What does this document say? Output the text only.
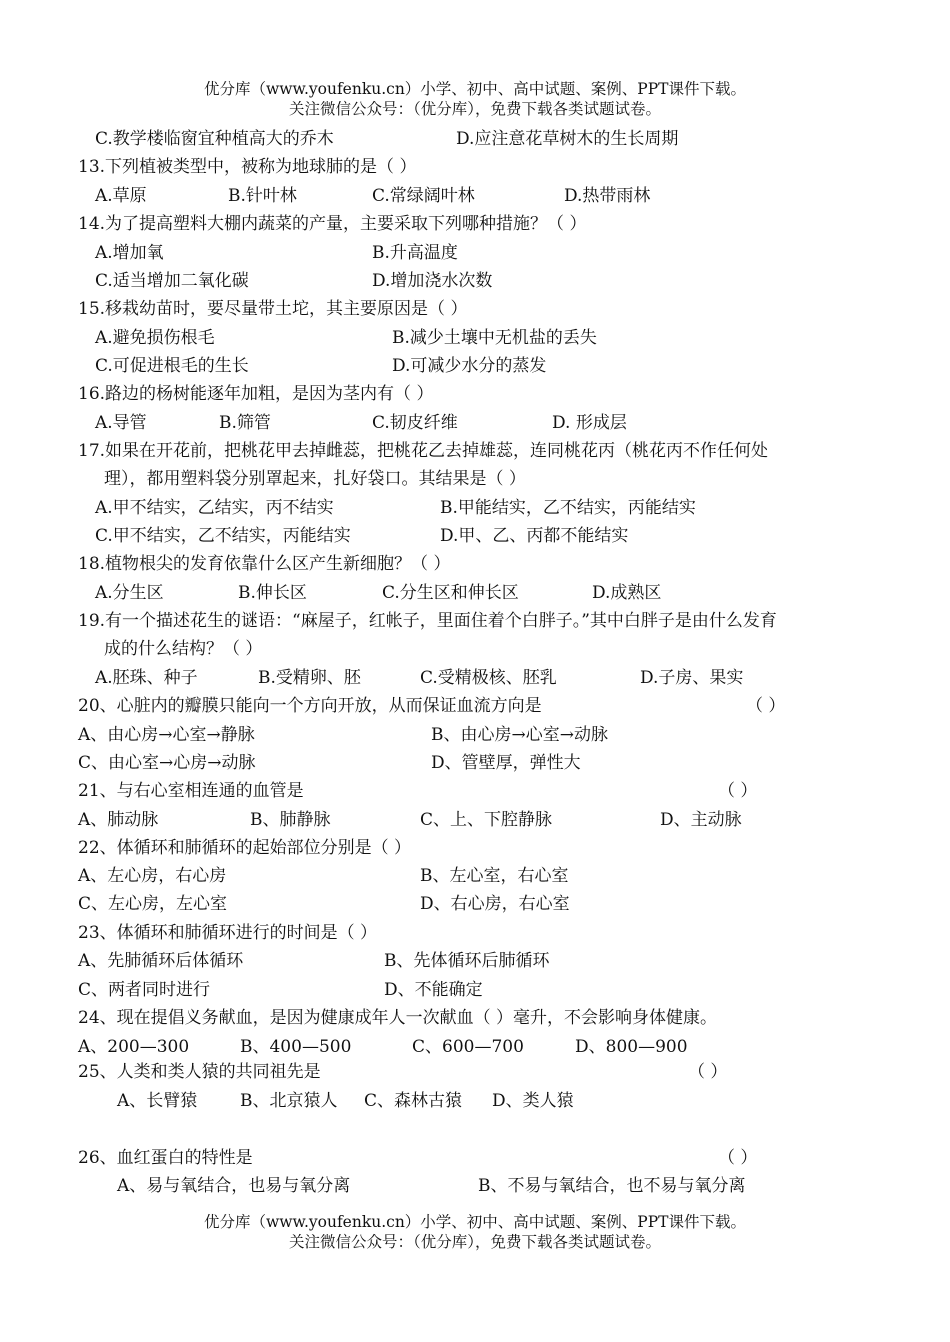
优分库（www.youfenku.cn）小学、初中、高中试题、案例、PPT课件下载。
关注微信公众号：（优分库），免费下载各类试题试卷。
C.教学楼临窗宜种植高大的乔木	D.应注意花草树木的生长周期
13.下列植被类型中，被称为地球肺的是（ ）
A.草原	B.针叶林	C.常绿阔叶林	D.热带雨林
14.为了提高塑料大棚内蔬菜的产量，主要采取下列哪种措施？（ ）
A.增加氧	B.升高温度
C.适当增加二氧化碳	D.增加浇水次数
15.移栽幼苗时，要尽量带土坨，其主要原因是（ ）
A.避免损伤根毛	B.减少土壤中无机盐的丢失
C.可促进根毛的生长	D.可减少水分的蒸发
16.路边的杨树能逐年加粗，是因为茎内有（ ）
A.导管	B.筛管	C.韧皮纤维	D. 形成层
17.如果在开花前，把桃花甲去掉雌蕊，把桃花乙去掉雄蕊，连同桃花丙（桃花丙不作任何处
理），都用塑料袋分别罩起来，扎好袋口。其结果是（ ）
A.甲不结实，乙结实，丙不结实	B.甲能结实，乙不结实，丙能结实
C.甲不结实，乙不结实，丙能结实	D.甲、乙、丙都不能结实
18.植物根尖的发育依靠什么区产生新细胞？（ ）
A.分生区	B.伸长区	C.分生区和伸长区	D.成熟区
19.有一个描述花生的谜语：“麻屋子，红帐子，里面住着个白胖子。”其中白胖子是由什么发育
成的什么结构？（ ）
A.胚珠、种子	B.受精卵、胚	C.受精极核、胚乳	D.子房、果实
20、心脏内的瓣膜只能向一个方向开放，从而保证血流方向是	（ ）
A、由心房→心室→静脉	B、由心房→心室→动脉
C、由心室→心房→动脉	D、管壁厚，弹性大
21、与右心室相连通的血管是	（ ）
A、肺动脉	B、肺静脉	C、上、下腔静脉	D、主动脉
22、体循环和肺循环的起始部位分别是（ ）
A、左心房，右心房	B、左心室，右心室
C、左心房，左心室	D、右心房，右心室
23、体循环和肺循环进行的时间是（ ）
A、先肺循环后体循环	B、先体循环后肺循环
C、两者同时进行	D、不能确定
24、现在提倡义务献血，是因为健康成年人一次献血（ ）毫升，不会影响身体健康。
A、200—300	B、400—500	C、600—700	D、800—900
25、人类和类人猿的共同祖先是	（ ）
A、长臂猿	B、北京猿人 C、森林古猿 D、类人猿
26、血红蛋白的特性是	（ ）
A、易与氧结合，也易与氧分离	B、不易与氧结合，也不易与氧分离
优分库（www.youfenku.cn）小学、初中、高中试题、案例、PPT课件下载。
关注微信公众号：（优分库），免费下载各类试题试卷。
